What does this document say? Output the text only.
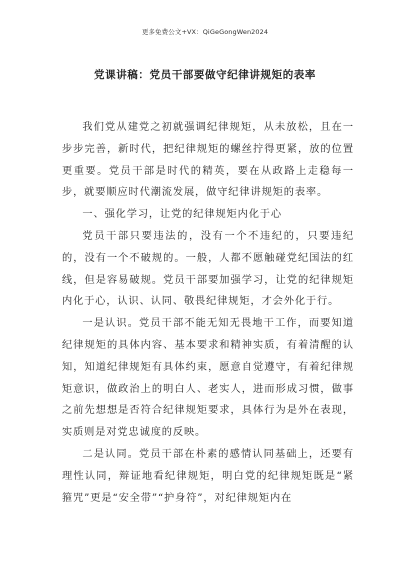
更多免费公文+VX：QiGeGongWen2024
党课讲稿：党员干部要做守纪律讲规矩的表率

我们党从建党之初就强调纪律规矩，从未放松，且在一步步完善，新时代，把纪律规矩的螺丝拧得更紧，放的位置更重要。党员干部是时代的精英，要在从政路上走稳每一步，就要顺应时代潮流发展，做守纪律讲规矩的表率。

一、强化学习，让党的纪律规矩内化于心

党员干部只要违法的，没有一个不违纪的，只要违纪的，没有一个不破规的。一般，人都不愿触碰党纪国法的红线，但是容易破规。党员干部要加强学习，让党的纪律规矩内化于心，认识、认同、敬畏纪律规矩，才会外化于行。

一是认识。党员干部不能无知无畏地干工作，而要知道纪律规矩的具体内容、基本要求和精神实质，有着清醒的认知，知道纪律规矩有具体约束，愿意自觉遵守，有着纪律规矩意识，做政治上的明白人、老实人，进而形成习惯，做事之前先想想是否符合纪律规矩要求，具体行为是外在表现，实质则是对党忠诚度的反映。

二是认同。党员干部在朴素的感情认同基础上，还要有理性认同，辩证地看纪律规矩，明白党的纪律规矩既是“紧箍咒”更是“安全带”“护身符”，对纪律规矩内在
